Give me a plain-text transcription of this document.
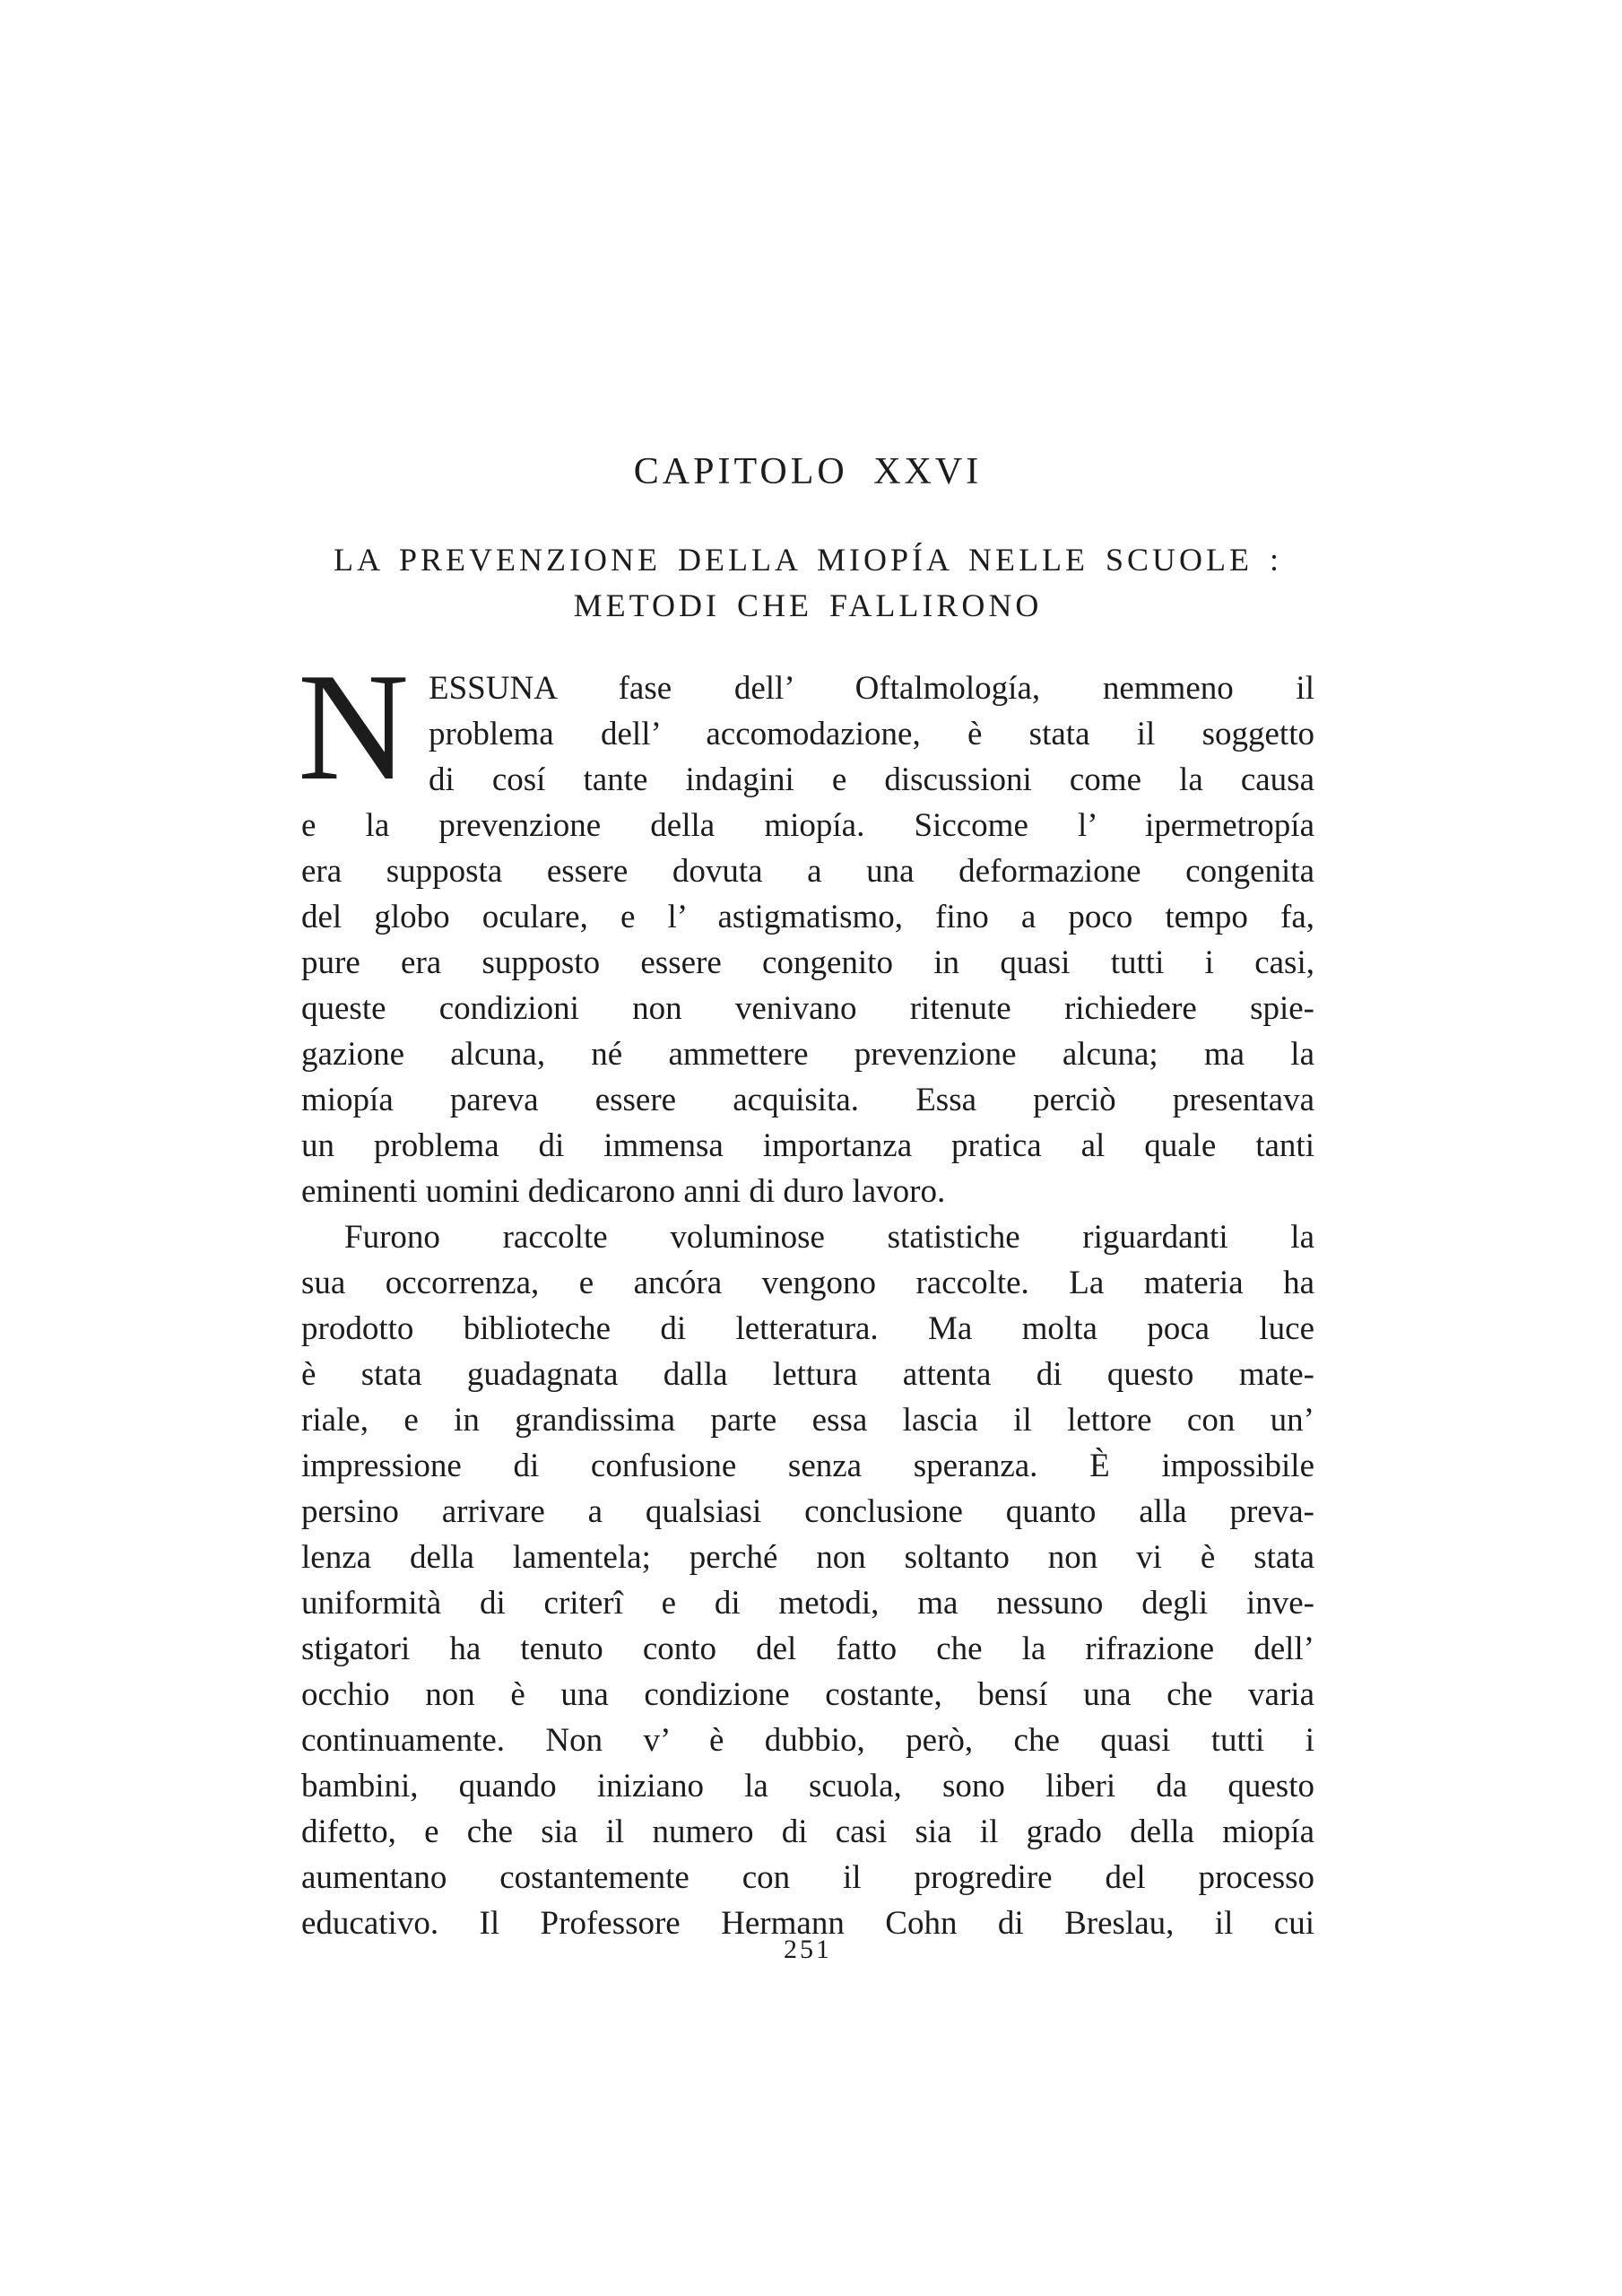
CAPITOLO XXVI
LA PREVENZIONE DELLA MIOPÍA NELLE SCUOLE :
METODI CHE FALLIRONO
N ESSUNA fase dell’ Oftalmología, nemmeno il
problema dell’ accomodazione, è stata il soggetto
di cosí tante indagini e discussioni come la causa
e la prevenzione della miopía. Siccome l’ ipermetropía
era supposta essere dovuta a una deformazione congenita
del globo oculare, e l’ astigmatismo, fino a poco tempo fa,
pure era supposto essere congenito in quasi tutti i casi,
queste condizioni non venivano ritenute richiedere spie-
gazione alcuna, né ammettere prevenzione alcuna; ma la
miopía pareva essere acquisita. Essa perciò presentava
un problema di immensa importanza pratica al quale tanti
eminenti uomini dedicarono anni di duro lavoro.
Furono raccolte voluminose statistiche riguardanti la
sua occorrenza, e ancóra vengono raccolte. La materia ha
prodotto biblioteche di letteratura. Ma molta poca luce
è stata guadagnata dalla lettura attenta di questo mate-
riale, e in grandissima parte essa lascia il lettore con un’
impressione di confusione senza speranza. È impossibile
persino arrivare a qualsiasi conclusione quanto alla preva-
lenza della lamentela; perché non soltanto non vi è stata
uniformità di criterî e di metodi, ma nessuno degli inve-
stigatori ha tenuto conto del fatto che la rifrazione dell’
occhio non è una condizione costante, bensí una che varia
continuamente. Non v’ è dubbio, però, che quasi tutti i
bambini, quando iniziano la scuola, sono liberi da questo
difetto, e che sia il numero di casi sia il grado della miopía
aumentano costantemente con il progredire del processo
educativo. Il Professore Hermann Cohn di Breslau, il cui
251
